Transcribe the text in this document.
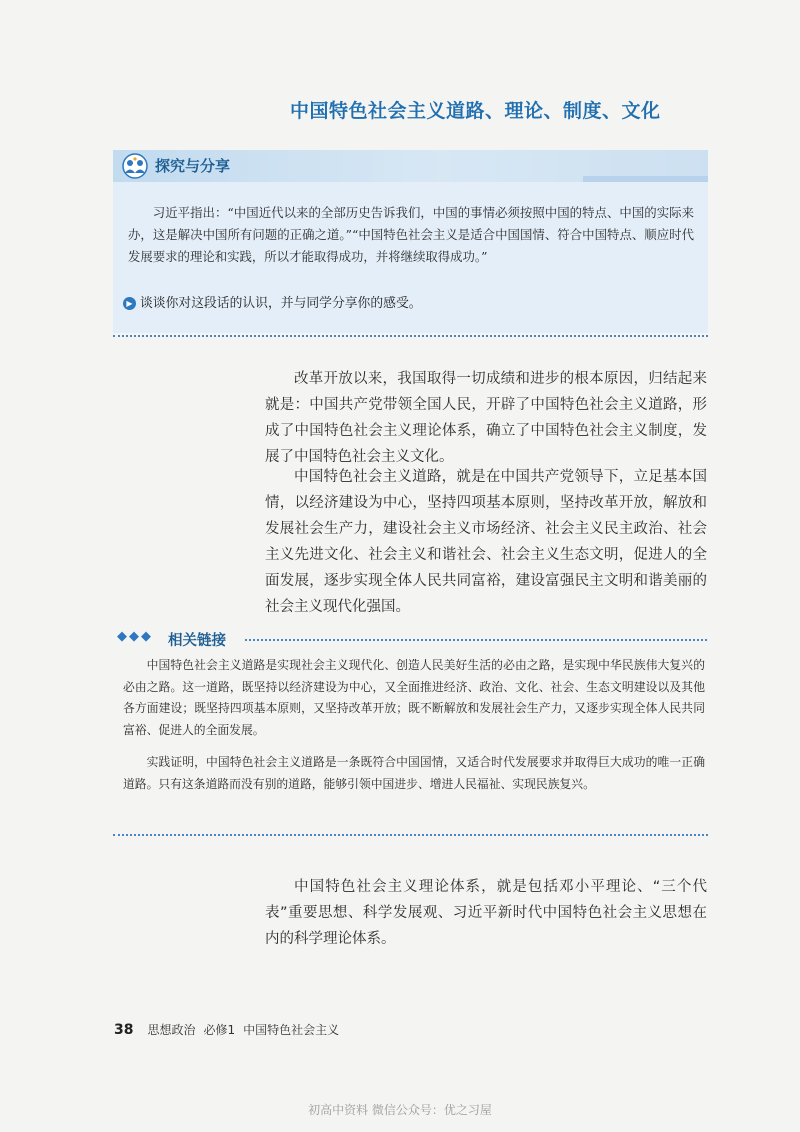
中国特色社会主义道路、理论、制度、文化
探究与分享

习近平指出：“中国近代以来的全部历史告诉我们，中国的事情必须按照中国的特点、中国的实际来办，这是解决中国所有问题的正确之道。”“中国特色社会主义是适合中国国情、符合中国特点、顺应时代发展要求的理论和实践，所以才能取得成功，并将继续取得成功。”

▶ 谈谈你对这段话的认识，并与同学分享你的感受。

改革开放以来，我国取得一切成绩和进步的根本原因，归结起来就是：中国共产党带领全国人民，开辟了中国特色社会主义道路，形成了中国特色社会主义理论体系，确立了中国特色社会主义制度，发展了中国特色社会主义文化。

中国特色社会主义道路，就是在中国共产党领导下，立足基本国情，以经济建设为中心，坚持四项基本原则，坚持改革开放，解放和发展社会生产力，建设社会主义市场经济、社会主义民主政治、社会主义先进文化、社会主义和谐社会、社会主义生态文明，促进人的全面发展，逐步实现全体人民共同富裕，建设富强民主文明和谐美丽的社会主义现代化强国。

◆◆◆ 相关链接

中国特色社会主义道路是实现社会主义现代化、创造人民美好生活的必由之路，是实现中华民族伟大复兴的必由之路。这一道路，既坚持以经济建设为中心，又全面推进经济、政治、文化、社会、生态文明建设以及其他各方面建设；既坚持四项基本原则，又坚持改革开放；既不断解放和发展社会生产力，又逐步实现全体人民共同富裕、促进人的全面发展。

实践证明，中国特色社会主义道路是一条既符合中国国情，又适合时代发展要求并取得巨大成功的唯一正确道路。只有这条道路而没有别的道路，能够引领中国进步、增进人民福祉、实现民族复兴。

中国特色社会主义理论体系，就是包括邓小平理论、“三个代表”重要思想、科学发展观、习近平新时代中国特色社会主义思想在内的科学理论体系。

38 思想政治 必修1 中国特色社会主义
初高中资料 微信公众号：优之习屋
